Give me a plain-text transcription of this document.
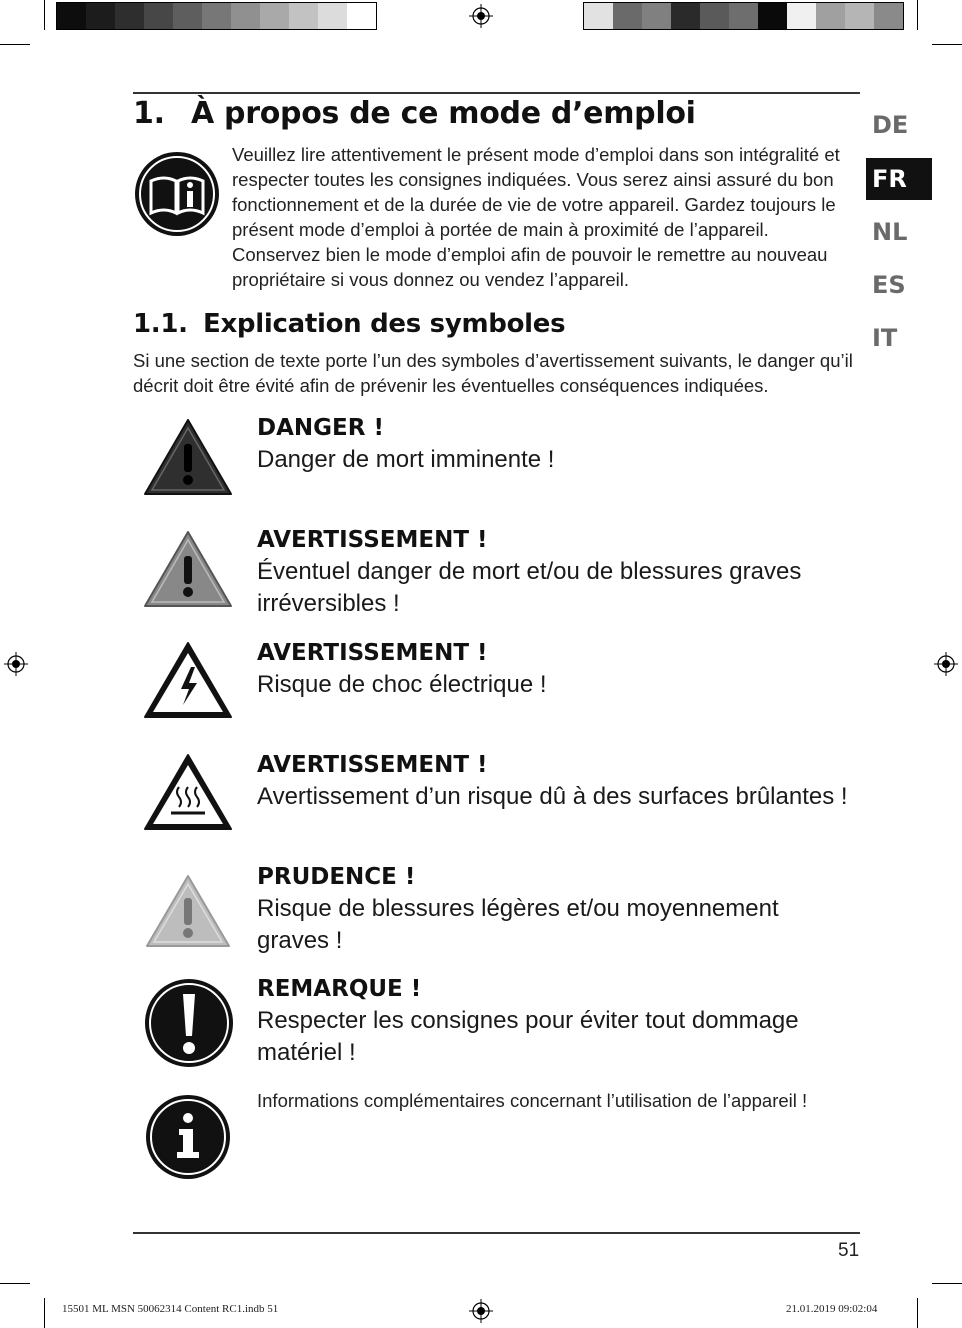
DE
FR
NL
ES
IT
1. À propos de ce mode d’emploi

Veuillez lire attentivement le présent mode d’emploi dans son intégralité et respecter toutes les consignes indiquées. Vous serez ainsi assuré du bon fonctionnement et de la durée de vie de votre appareil. Gardez toujours le présent mode d’emploi à portée de main à proximité de l’appareil. Conservez bien le mode d’emploi afin de pouvoir le remettre au nouveau propriétaire si vous donnez ou vendez l’appareil.

1.1. Explication des symboles

Si une section de texte porte l’un des symboles d’avertissement suivants, le danger qu’il décrit doit être évité afin de prévenir les éventuelles conséquences indiquées.

DANGER !
Danger de mort imminente !
AVERTISSEMENT !
Éventuel danger de mort et/ou de blessures graves irréversibles !
AVERTISSEMENT !
Risque de choc électrique !
AVERTISSEMENT !
Avertissement d’un risque dû à des surfaces brûlantes !
PRUDENCE !
Risque de blessures légères et/ou moyennement graves !
REMARQUE !
Respecter les consignes pour éviter tout dommage matériel !
Informations complémentaires concernant l’utilisation de l’appareil !
51
15501 ML MSN 50062314 Content RC1.indb 51	21.01.2019 09:02:04
